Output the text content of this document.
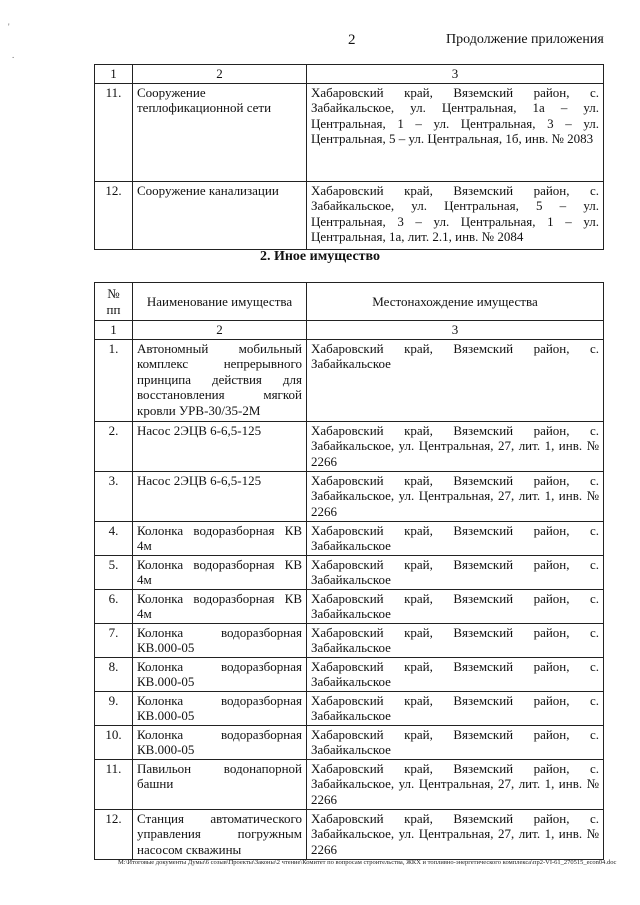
'
.
2	Продолжение приложения
1	2	3
11.	Сооружение теплофикационной сети	Хабаровский край, Вяземский район, с. Забайкальское, ул. Центральная, 1а – ул. Центральная, 1 – ул. Центральная, 3 – ул. Центральная, 5 – ул. Центральная, 1б, инв. № 2083
12.	Сооружение канализации	Хабаровский край, Вяземский район, с. Забайкальское, ул. Центральная, 5 – ул. Центральная, 3 – ул. Центральная, 1 – ул. Центральная, 1а, лит. 2.1, инв. № 2084
2. Иное имущество
№ пп	Наименование имущества	Местонахождение имущества
1	2	3
1.	Автономный мобильный комплекс непрерывного принципа действия для восстановления мягкой кровли УРВ-30/35-2М	Хабаровский край, Вяземский район, с. Забайкальское
2.	Насос 2ЭЦВ 6-6,5-125	Хабаровский край, Вяземский район, с. Забайкальское, ул. Центральная, 27, лит. 1, инв. № 2266
3.	Насос 2ЭЦВ 6-6,5-125	Хабаровский край, Вяземский район, с. Забайкальское, ул. Центральная, 27, лит. 1, инв. № 2266
4.	Колонка водоразборная КВ 4м	Хабаровский край, Вяземский район, с. Забайкальское
5.	Колонка водоразборная КВ 4м	Хабаровский край, Вяземский район, с. Забайкальское
6.	Колонка водоразборная КВ 4м	Хабаровский край, Вяземский район, с. Забайкальское
7.	Колонка водоразборная КВ.000-05	Хабаровский край, Вяземский район, с. Забайкальское
8.	Колонка водоразборная КВ.000-05	Хабаровский край, Вяземский район, с. Забайкальское
9.	Колонка водоразборная КВ.000-05	Хабаровский край, Вяземский район, с. Забайкальское
10.	Колонка водоразборная КВ.000-05	Хабаровский край, Вяземский район, с. Забайкальское
11.	Павильон водонапорной башни	Хабаровский край, Вяземский район, с. Забайкальское, ул. Центральная, 27, лит. 1, инв. № 2266
12.	Станция автоматического управления погружным насосом скважины	Хабаровский край, Вяземский район, с. Забайкальское, ул. Центральная, 27, лит. 1, инв. № 2266
М:\Итоговые документы Думы\6 созыв\Проекты\Законы\2 чтение\Комитет по вопросам строительства, ЖКХ и топливно-энергетического комплекса\пр2-VI-61_270515_econ04.doc
